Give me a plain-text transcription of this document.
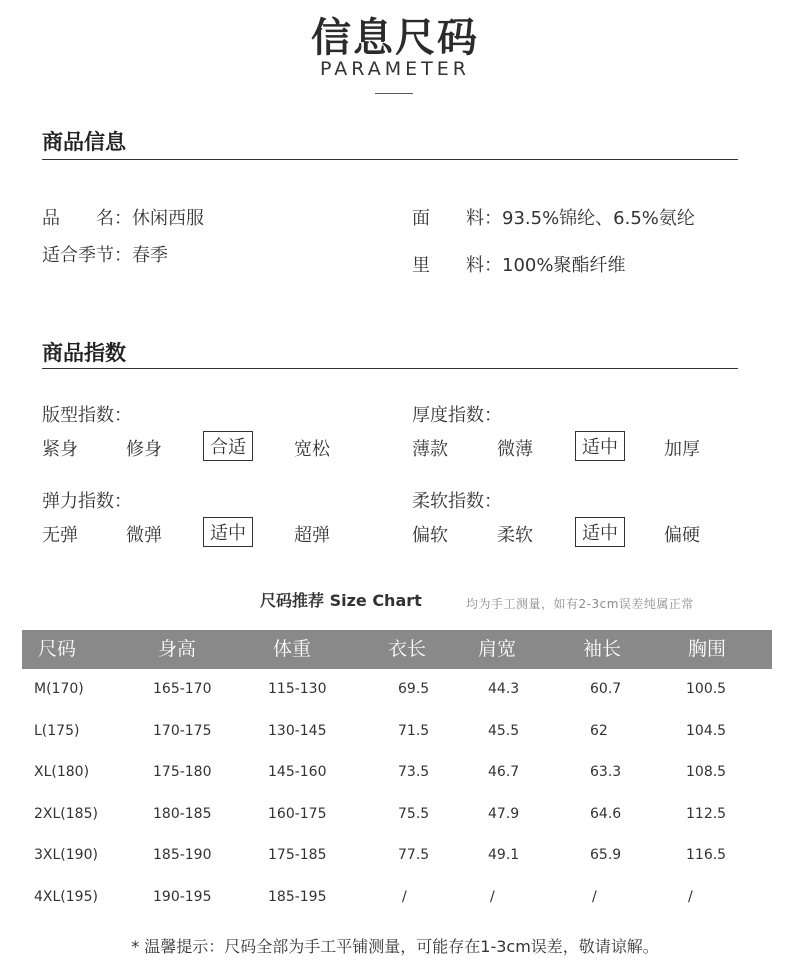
信息尺码
PARAMETER
商品信息
品　　名：休闲西服
适合季节：春季
面　　料：93.5%锦纶、6.5%氨纶
里　　料：100%聚酯纤维
商品指数
版型指数：
紧身	修身	合适	宽松
厚度指数：
薄款	微薄	适中	加厚
弹力指数：
无弹	微弹	适中	超弹
柔软指数：
偏软	柔软	适中	偏硬
尺码推荐 Size Chart	均为手工测量，如有2-3cm误差纯属正常
尺码	身高	体重	衣长	肩宽	袖长	胸围
M(170)	165-170	115-130	69.5	44.3	60.7	100.5
L(175)	170-175	130-145	71.5	45.5	62	104.5
XL(180)	175-180	145-160	73.5	46.7	63.3	108.5
2XL(185)	180-185	160-175	75.5	47.9	64.6	112.5
3XL(190)	185-190	175-185	77.5	49.1	65.9	116.5
4XL(195)	190-195	185-195	/	/	/	/
* 温馨提示：尺码全部为手工平铺测量，可能存在1-3cm误差，敬请谅解。
